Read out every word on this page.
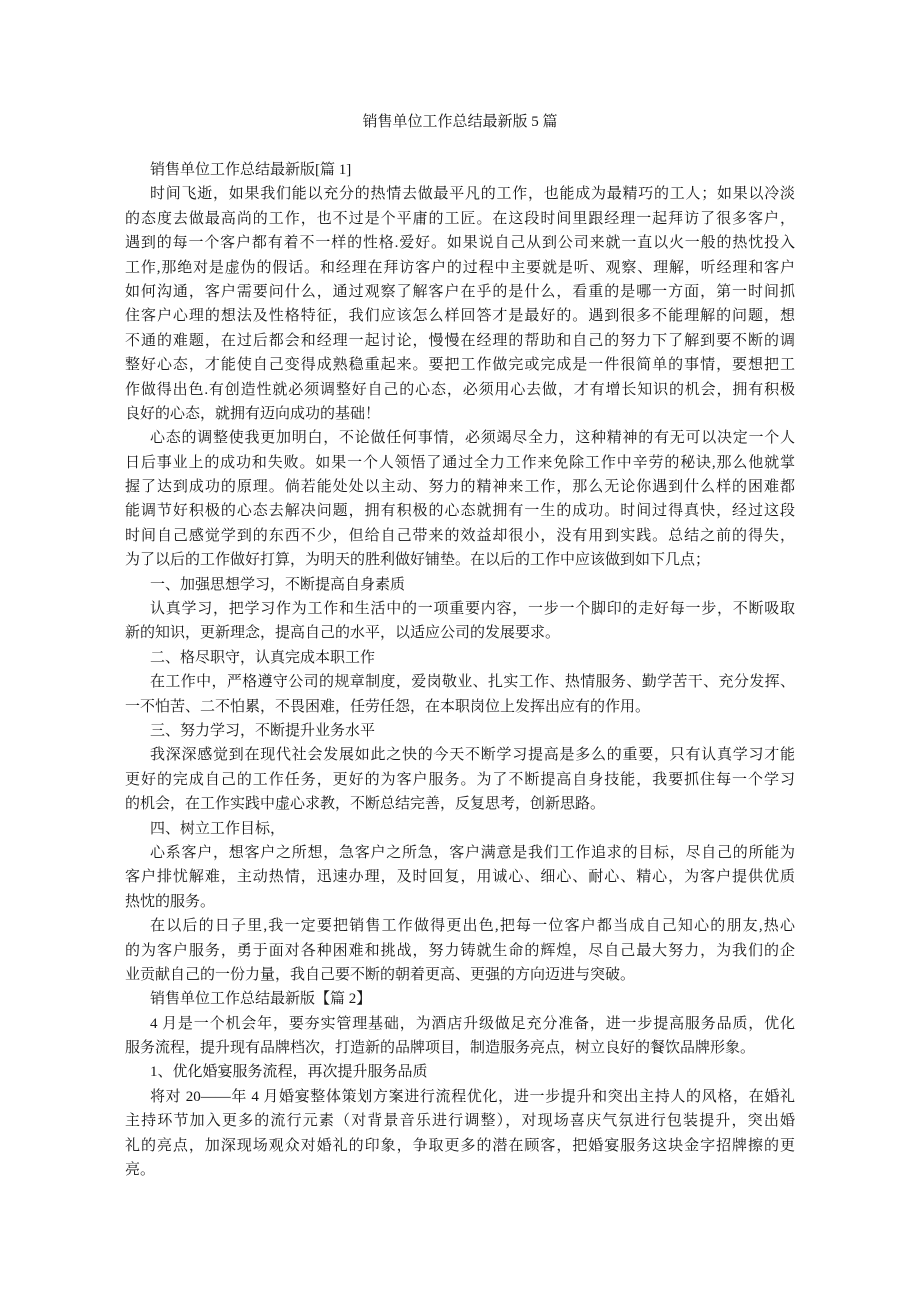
销售单位工作总结最新版 5 篇
销售单位工作总结最新版[篇 1]
时间飞逝，如果我们能以充分的热情去做最平凡的工作，也能成为最精巧的工人；如果以冷淡
的态度去做最高尚的工作，也不过是个平庸的工匠。在这段时间里跟经理一起拜访了很多客户，
遇到的每一个客户都有着不一样的性格.爱好。如果说自己从到公司来就一直以火一般的热忱投入
工作,那绝对是虚伪的假话。和经理在拜访客户的过程中主要就是听、观察、理解，听经理和客户
如何沟通，客户需要问什么，通过观察了解客户在乎的是什么，看重的是哪一方面，第一时间抓
住客户心理的想法及性格特征，我们应该怎么样回答才是最好的。遇到很多不能理解的问题，想
不通的难题，在过后都会和经理一起讨论，慢慢在经理的帮助和自己的努力下了解到要不断的调
整好心态，才能使自己变得成熟稳重起来。要把工作做完或完成是一件很简单的事情，要想把工
作做得出色.有创造性就必须调整好自己的心态，必须用心去做，才有增长知识的机会，拥有积极
良好的心态，就拥有迈向成功的基础！
心态的调整使我更加明白，不论做任何事情，必须竭尽全力，这种精神的有无可以决定一个人
日后事业上的成功和失败。如果一个人领悟了通过全力工作来免除工作中辛劳的秘诀,那么他就掌
握了达到成功的原理。倘若能处处以主动、努力的精神来工作，那么无论你遇到什么样的困难都
能调节好积极的心态去解决问题，拥有积极的心态就拥有一生的成功。时间过得真快，经过这段
时间自己感觉学到的东西不少，但给自己带来的效益却很小，没有用到实践。总结之前的得失，
为了以后的工作做好打算，为明天的胜利做好铺垫。在以后的工作中应该做到如下几点；
一、加强思想学习，不断提高自身素质
认真学习，把学习作为工作和生活中的一项重要内容，一步一个脚印的走好每一步，不断吸取
新的知识，更新理念，提高自己的水平，以适应公司的发展要求。
二、格尽职守，认真完成本职工作
在工作中，严格遵守公司的规章制度，爱岗敬业、扎实工作、热情服务、勤学苦干、充分发挥、
一不怕苦、二不怕累，不畏困难，任劳任怨，在本职岗位上发挥出应有的作用。
三、努力学习，不断提升业务水平
我深深感觉到在现代社会发展如此之快的今天不断学习提高是多么的重要，只有认真学习才能
更好的完成自己的工作任务，更好的为客户服务。为了不断提高自身技能，我要抓住每一个学习
的机会，在工作实践中虚心求教，不断总结完善，反复思考，创新思路。
四、树立工作目标，
心系客户，想客户之所想，急客户之所急，客户满意是我们工作追求的目标，尽自己的所能为
客户排忧解难，主动热情，迅速办理，及时回复，用诚心、细心、耐心、精心，为客户提供优质
热忱的服务。
在以后的日子里,我一定要把销售工作做得更出色,把每一位客户都当成自己知心的朋友,热心
的为客户服务，勇于面对各种困难和挑战，努力铸就生命的辉煌，尽自己最大努力，为我们的企
业贡献自己的一份力量，我自己要不断的朝着更高、更强的方向迈进与突破。
销售单位工作总结最新版【篇 2】
4 月是一个机会年，要夯实管理基础，为酒店升级做足充分准备，进一步提高服务品质，优化
服务流程，提升现有品牌档次，打造新的品牌项目，制造服务亮点，树立良好的餐饮品牌形象。
1、优化婚宴服务流程，再次提升服务品质
将对 20——年 4 月婚宴整体策划方案进行流程优化，进一步提升和突出主持人的风格，在婚礼
主持环节加入更多的流行元素（对背景音乐进行调整），对现场喜庆气氛进行包装提升，突出婚
礼的亮点，加深现场观众对婚礼的印象，争取更多的潜在顾客，把婚宴服务这块金字招牌擦的更
亮。
